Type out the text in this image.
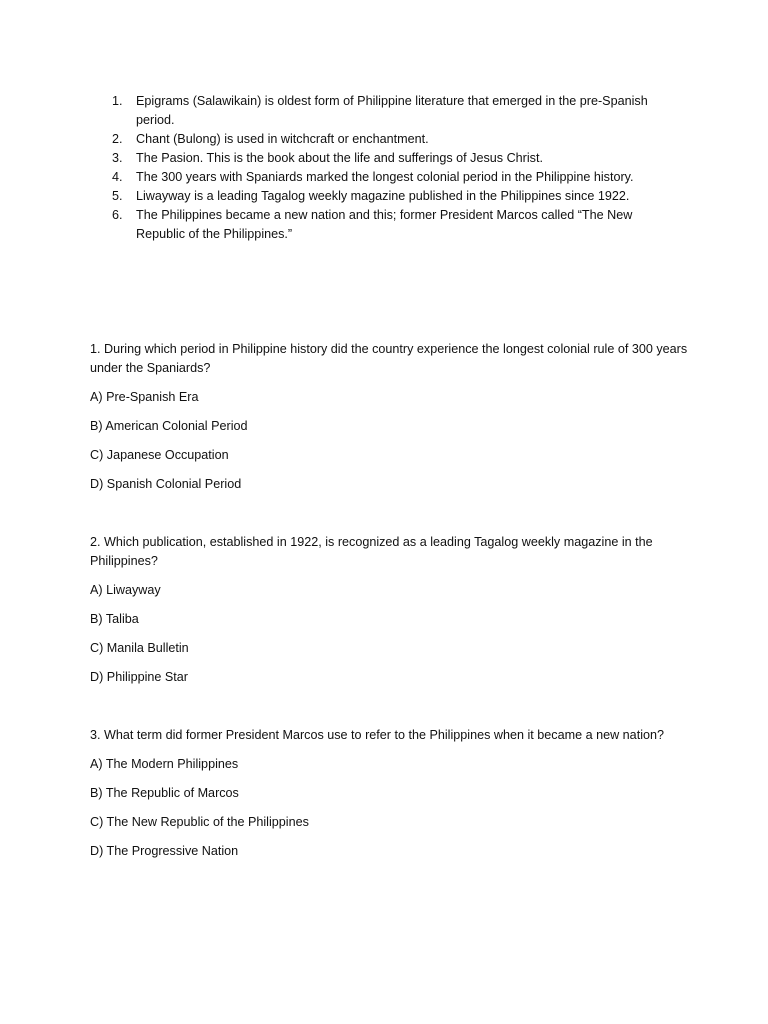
1. Epigrams (Salawikain) is oldest form of Philippine literature that emerged in the pre-Spanish period.
2. Chant (Bulong) is used in witchcraft or enchantment.
3. The Pasion. This is the book about the life and sufferings of Jesus Christ.
4. The 300 years with Spaniards marked the longest colonial period in the Philippine history.
5. Liwayway is a leading Tagalog weekly magazine published in the Philippines since 1922.
6. The Philippines became a new nation and this; former President Marcos called “The New Republic of the Philippines.”

1. During which period in Philippine history did the country experience the longest colonial rule of 300 years under the Spaniards?

A) Pre-Spanish Era

B) American Colonial Period

C) Japanese Occupation

D) Spanish Colonial Period

2. Which publication, established in 1922, is recognized as a leading Tagalog weekly magazine in the Philippines?

A) Liwayway

B) Taliba

C) Manila Bulletin

D) Philippine Star

3. What term did former President Marcos use to refer to the Philippines when it became a new nation?

A) The Modern Philippines

B) The Republic of Marcos

C) The New Republic of the Philippines

D) The Progressive Nation
